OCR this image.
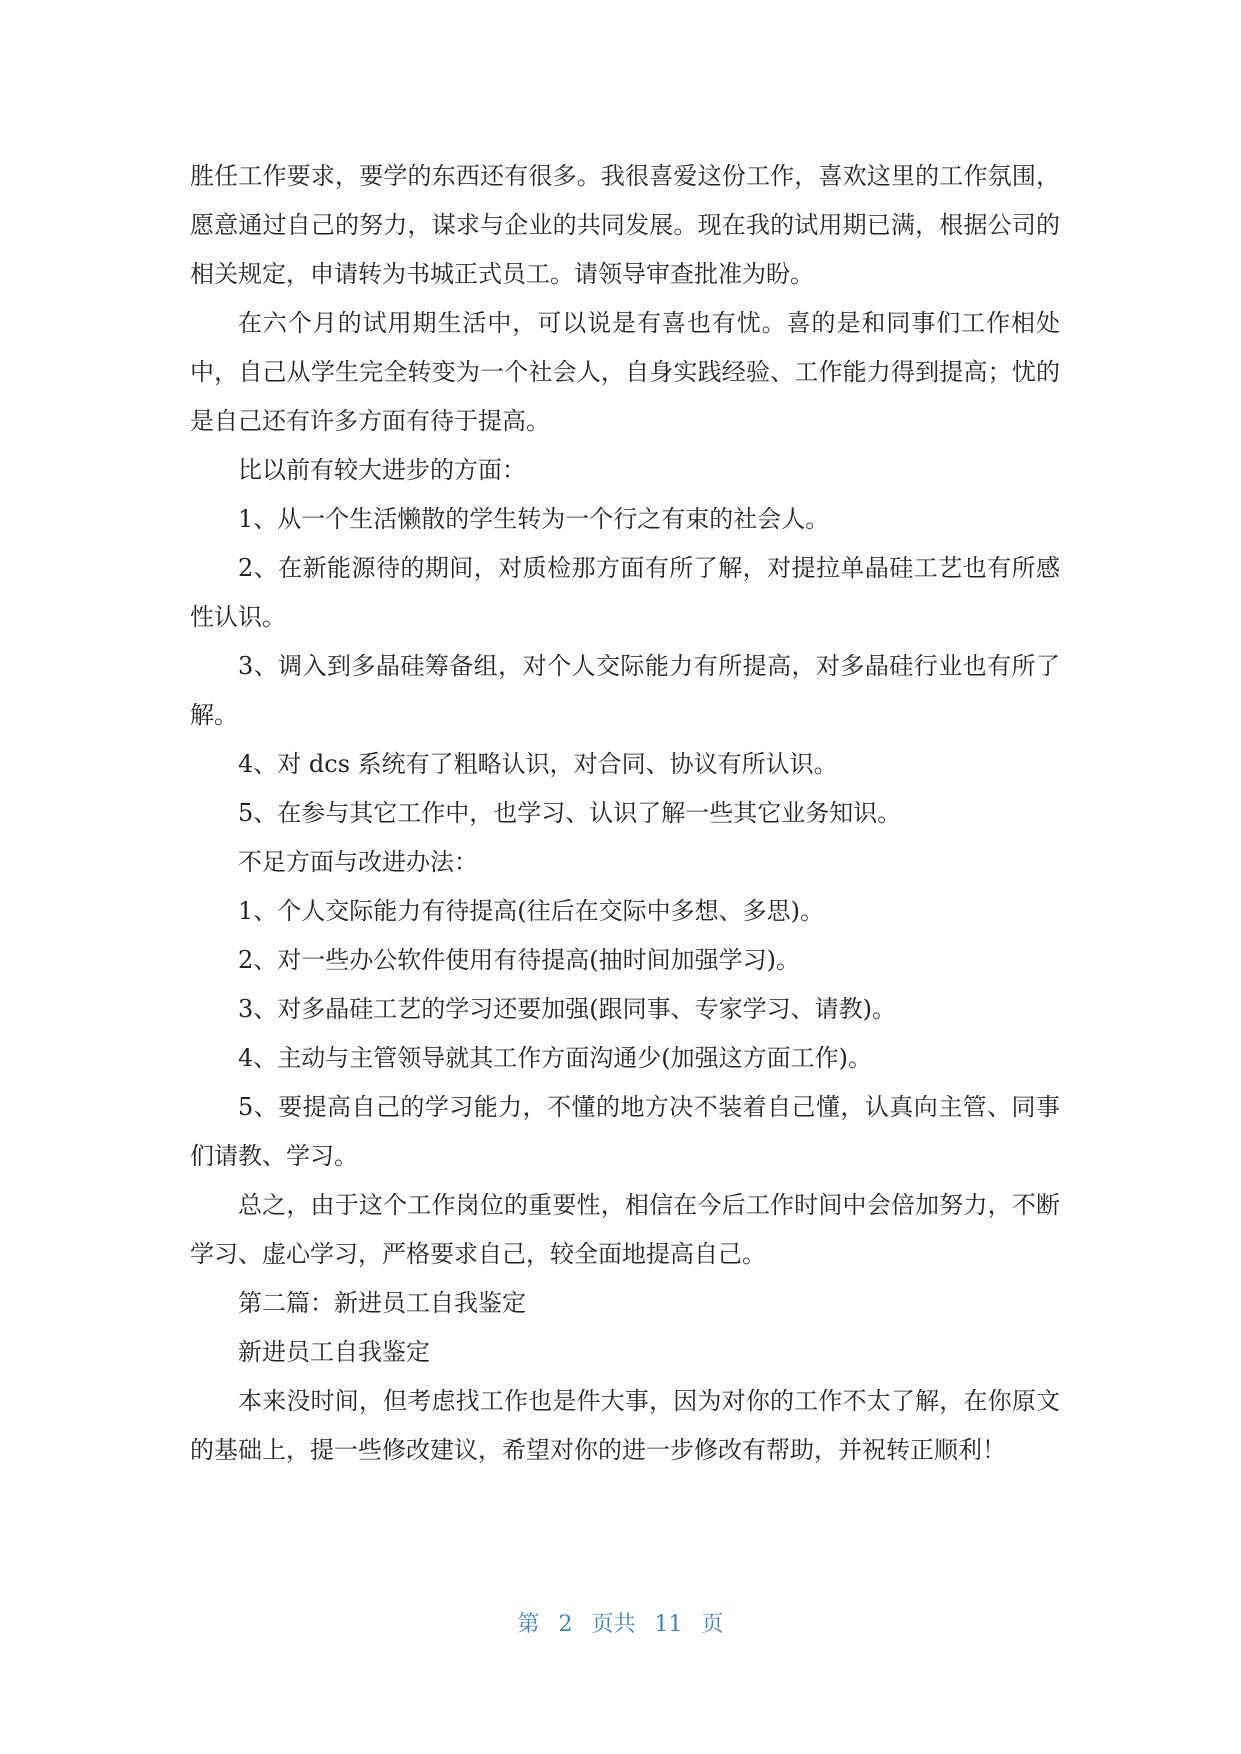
胜任工作要求，要学的东西还有很多。我很喜爱这份工作，喜欢这里的工作氛围，愿意通过自己的努力，谋求与企业的共同发展。现在我的试用期已满，根据公司的相关规定，申请转为书城正式员工。请领导审查批准为盼。

在六个月的试用期生活中，可以说是有喜也有忧。喜的是和同事们工作相处中，自己从学生完全转变为一个社会人，自身实践经验、工作能力得到提高；忧的是自己还有许多方面有待于提高。

比以前有较大进步的方面：

1、从一个生活懒散的学生转为一个行之有束的社会人。

2、在新能源待的期间，对质检那方面有所了解，对提拉单晶硅工艺也有所感性认识。

3、调入到多晶硅筹备组，对个人交际能力有所提高，对多晶硅行业也有所了解。

4、对 dcs 系统有了粗略认识，对合同、协议有所认识。

5、在参与其它工作中，也学习、认识了解一些其它业务知识。

不足方面与改进办法：

1、个人交际能力有待提高(往后在交际中多想、多思)。

2、对一些办公软件使用有待提高(抽时间加强学习)。

3、对多晶硅工艺的学习还要加强(跟同事、专家学习、请教)。

4、主动与主管领导就其工作方面沟通少(加强这方面工作)。

5、要提高自己的学习能力，不懂的地方决不装着自己懂，认真向主管、同事们请教、学习。

总之，由于这个工作岗位的重要性，相信在今后工作时间中会倍加努力，不断学习、虚心学习，严格要求自己，较全面地提高自己。

第二篇：新进员工自我鉴定

新进员工自我鉴定

本来没时间，但考虑找工作也是件大事，因为对你的工作不太了解，在你原文的基础上，提一些修改建议，希望对你的进一步修改有帮助，并祝转正顺利！

第 2 页共 11 页
